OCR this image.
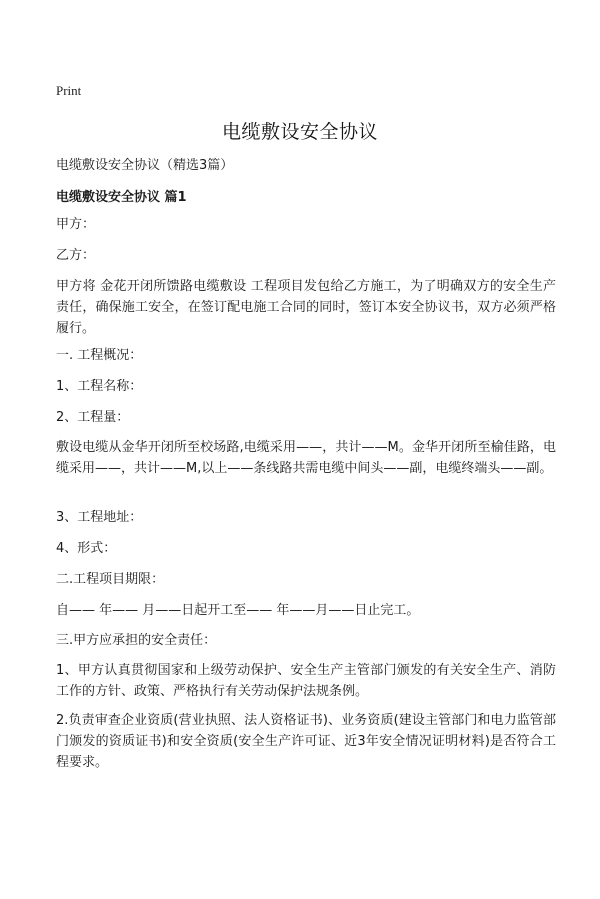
Print
电缆敷设安全协议
电缆敷设安全协议（精选3篇）
电缆敷设安全协议 篇1
甲方：
乙方：
甲方将 金花开闭所馈路电缆敷设 工程项目发包给乙方施工，为了明确双方的安全生产责任，确保施工安全，在签订配电施工合同的同时，签订本安全协议书，双方必须严格履行。
一. 工程概况：
1、工程名称：
2、工程量：
敷设电缆从金华开闭所至校场路,电缆采用——，共计——M。金华开闭所至榆佳路，电缆采用——，共计——M,以上——条线路共需电缆中间头——副，电缆终端头——副。
3、工程地址：
4、形式：
二.工程项目期限：
自—— 年—— 月——日起开工至—— 年——月——日止完工。
三.甲方应承担的安全责任：
1、甲方认真贯彻国家和上级劳动保护、安全生产主管部门颁发的有关安全生产、消防工作的方针、政策、严格执行有关劳动保护法规条例。
2.负责审查企业资质(营业执照、法人资格证书)、业务资质(建设主管部门和电力监管部门颁发的资质证书)和安全资质(安全生产许可证、近3年安全情况证明材料)是否符合工程要求。
